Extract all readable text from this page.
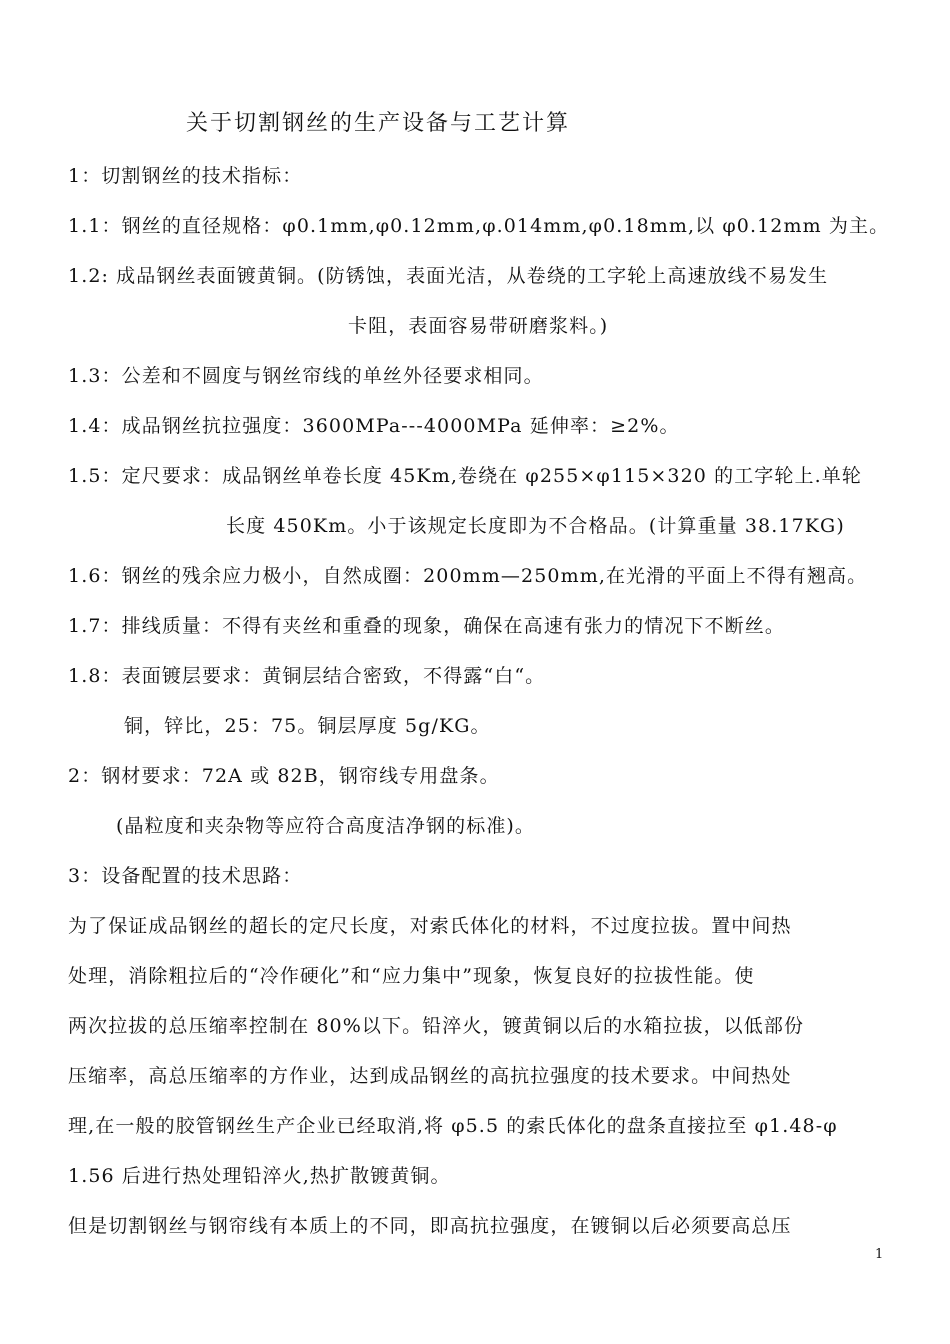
关于切割钢丝的生产设备与工艺计算
1：切割钢丝的技术指标：
1.1：钢丝的直径规格：φ0.1mm,φ0.12mm,φ.014mm,φ0.18mm,以 φ0.12mm 为主。
1.2: 成品钢丝表面镀黄铜。(防锈蚀，表面光洁，从卷绕的工字轮上高速放线不易发生
卡阻，表面容易带研磨浆料。)
1.3：公差和不圆度与钢丝帘线的单丝外径要求相同。
1.4：成品钢丝抗拉强度：3600MPa---4000MPa 延伸率：≥2%。
1.5：定尺要求：成品钢丝单卷长度 45Km,卷绕在 φ255×φ115×320 的工字轮上.单轮
长度 450Km。小于该规定长度即为不合格品。(计算重量 38.17KG)
1.6：钢丝的残余应力极小，自然成圈：200mm—250mm,在光滑的平面上不得有翘高。
1.7：排线质量：不得有夹丝和重叠的现象，确保在高速有张力的情况下不断丝。
1.8：表面镀层要求：黄铜层结合密致，不得露“白“。
铜，锌比，25：75。铜层厚度 5g/KG。
2：钢材要求：72A 或 82B，钢帘线专用盘条。
(晶粒度和夹杂物等应符合高度洁净钢的标准)。
3：设备配置的技术思路：
为了保证成品钢丝的超长的定尺长度，对索氏体化的材料，不过度拉拔。置中间热
处理，消除粗拉后的“冷作硬化”和“应力集中”现象，恢复良好的拉拔性能。使
两次拉拔的总压缩率控制在 80%以下。铅淬火，镀黄铜以后的水箱拉拔，以低部份
压缩率，高总压缩率的方作业，达到成品钢丝的高抗拉强度的技术要求。中间热处
理,在一般的胶管钢丝生产企业已经取消,将 φ5.5 的索氏体化的盘条直接拉至 φ1.48-φ
1.56 后进行热处理铅淬火,热扩散镀黄铜。
但是切割钢丝与钢帘线有本质上的不同，即高抗拉强度，在镀铜以后必须要高总压
1
